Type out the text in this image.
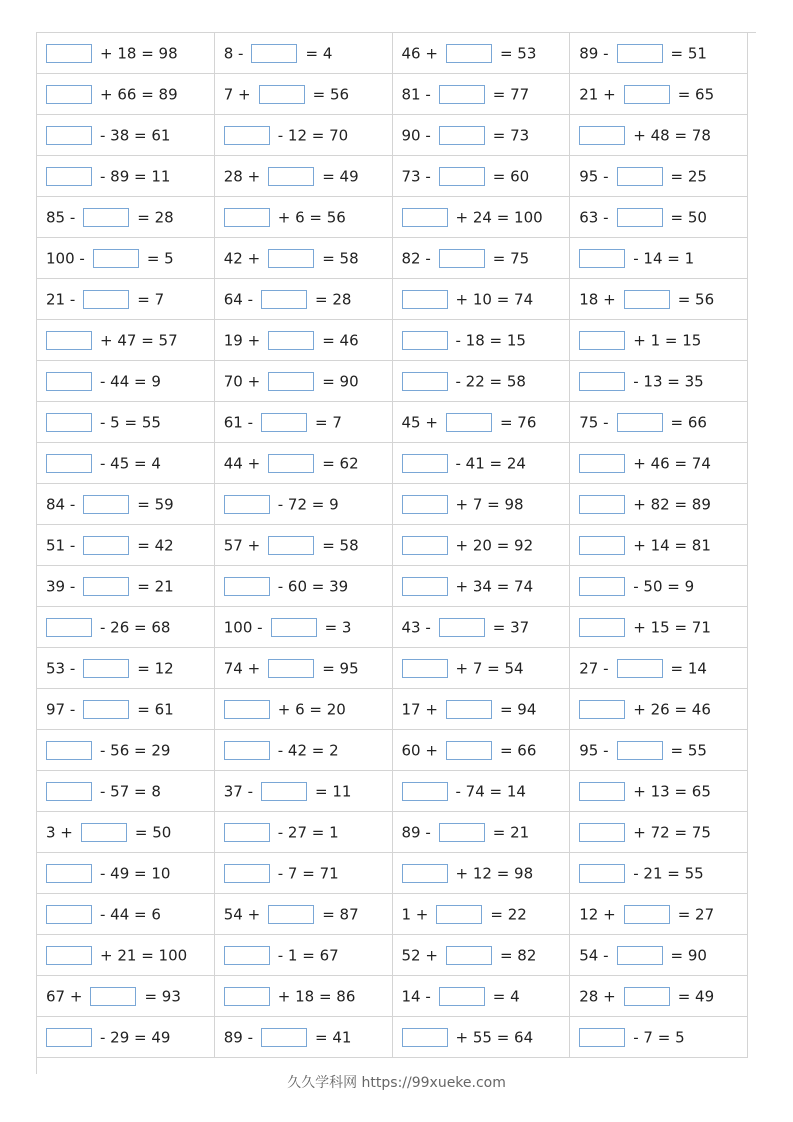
+ 18 = 98	8 - = 4	46 + = 53	89 - = 51
+ 66 = 89	7 + = 56	81 - = 77	21 + = 65
- 38 = 61	- 12 = 70	90 - = 73	+ 48 = 78
- 89 = 11	28 + = 49	73 - = 60	95 - = 25
85 - = 28	+ 6 = 56	+ 24 = 100	63 - = 50
100 - = 5	42 + = 58	82 - = 75	- 14 = 1
21 - = 7	64 - = 28	+ 10 = 74	18 + = 56
+ 47 = 57	19 + = 46	- 18 = 15	+ 1 = 15
- 44 = 9	70 + = 90	- 22 = 58	- 13 = 35
- 5 = 55	61 - = 7	45 + = 76	75 - = 66
- 45 = 4	44 + = 62	- 41 = 24	+ 46 = 74
84 - = 59	- 72 = 9	+ 7 = 98	+ 82 = 89
51 - = 42	57 + = 58	+ 20 = 92	+ 14 = 81
39 - = 21	- 60 = 39	+ 34 = 74	- 50 = 9
- 26 = 68	100 - = 3	43 - = 37	+ 15 = 71
53 - = 12	74 + = 95	+ 7 = 54	27 - = 14
97 - = 61	+ 6 = 20	17 + = 94	+ 26 = 46
- 56 = 29	- 42 = 2	60 + = 66	95 - = 55
- 57 = 8	37 - = 11	- 74 = 14	+ 13 = 65
3 + = 50	- 27 = 1	89 - = 21	+ 72 = 75
- 49 = 10	- 7 = 71	+ 12 = 98	- 21 = 55
- 44 = 6	54 + = 87	1 + = 22	12 + = 27
+ 21 = 100	- 1 = 67	52 + = 82	54 - = 90
67 + = 93	+ 18 = 86	14 - = 4	28 + = 49
- 29 = 49	89 - = 41	+ 55 = 64	- 7 = 5
久久学科网 https://99xueke.com
